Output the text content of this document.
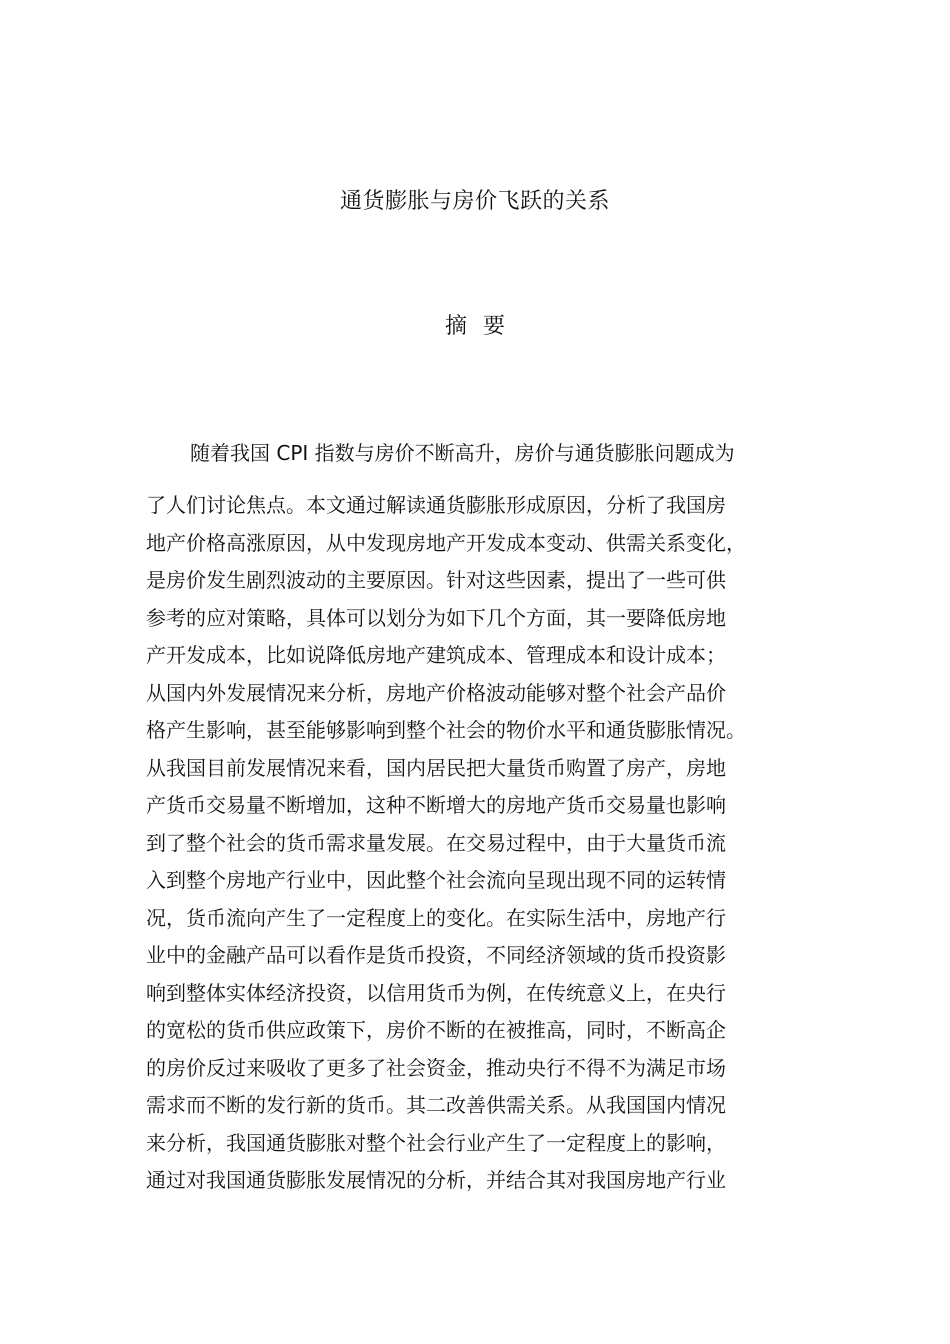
通货膨胀与房价飞跃的关系
摘要
随着我国 CPI 指数与房价不断高升，房价与通货膨胀问题成为
了人们讨论焦点。本文通过解读通货膨胀形成原因，分析了我国房
地产价格高涨原因，从中发现房地产开发成本变动、供需关系变化，
是房价发生剧烈波动的主要原因。针对这些因素，提出了一些可供
参考的应对策略，具体可以划分为如下几个方面，其一要降低房地
产开发成本，比如说降低房地产建筑成本、管理成本和设计成本；
从国内外发展情况来分析，房地产价格波动能够对整个社会产品价
格产生影响，甚至能够影响到整个社会的物价水平和通货膨胀情况。
从我国目前发展情况来看，国内居民把大量货币购置了房产，房地
产货币交易量不断增加，这种不断增大的房地产货币交易量也影响
到了整个社会的货币需求量发展。在交易过程中，由于大量货币流
入到整个房地产行业中，因此整个社会流向呈现出现不同的运转情
况，货币流向产生了一定程度上的变化。在实际生活中，房地产行
业中的金融产品可以看作是货币投资，不同经济领域的货币投资影
响到整体实体经济投资，以信用货币为例，在传统意义上，在央行
的宽松的货币供应政策下，房价不断的在被推高，同时，不断高企
的房价反过来吸收了更多了社会资金，推动央行不得不为满足市场
需求而不断的发行新的货币。其二改善供需关系。从我国国内情况
来分析，我国通货膨胀对整个社会行业产生了一定程度上的影响，
通过对我国通货膨胀发展情况的分析，并结合其对我国房地产行业
